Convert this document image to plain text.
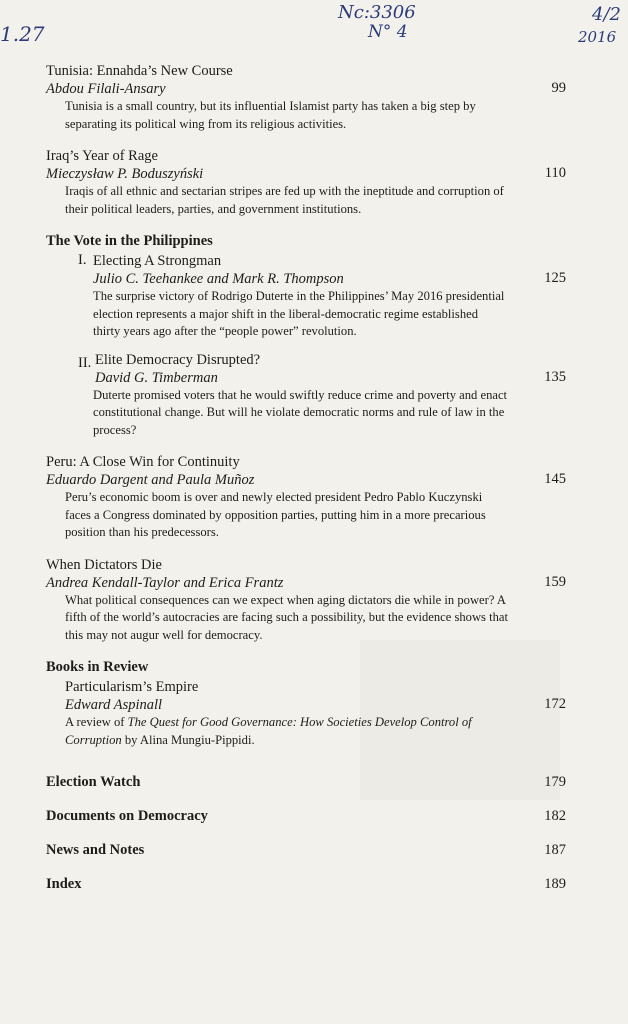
1.27
Nc:3306
N° 4
4/2
2016
Tunisia: Ennahda’s New Course
Abdou Filali-Ansary	99
Tunisia is a small country, but its influential Islamist party has taken a big step by separating its political wing from its religious activities.
Iraq’s Year of Rage
Mieczysław P. Boduszyński	110
Iraqis of all ethnic and sectarian stripes are fed up with the ineptitude and corruption of their political leaders, parties, and government institutions.
The Vote in the Philippines
I. Electing A Strongman
Julio C. Teehankee and Mark R. Thompson	125
The surprise victory of Rodrigo Duterte in the Philippines’ May 2016 presidential election represents a major shift in the liberal-democratic regime established thirty years ago after the “people power” revolution.
II. Elite Democracy Disrupted?
David G. Timberman	135
Duterte promised voters that he would swiftly reduce crime and poverty and enact constitutional change. But will he violate democratic norms and rule of law in the process?
Peru: A Close Win for Continuity
Eduardo Dargent and Paula Muñoz	145
Peru’s economic boom is over and newly elected president Pedro Pablo Kuczynski faces a Congress dominated by opposition parties, putting him in a more precarious position than his predecessors.
When Dictators Die
Andrea Kendall-Taylor and Erica Frantz	159
What political consequences can we expect when aging dictators die while in power? A fifth of the world’s autocracies are facing such a possibility, but the evidence shows that this may not augur well for democracy.
Books in Review
Particularism’s Empire
Edward Aspinall	172
A review of The Quest for Good Governance: How Societies Develop Control of Corruption by Alina Mungiu-Pippidi.
Election Watch	179
Documents on Democracy	182
News and Notes	187
Index	189
